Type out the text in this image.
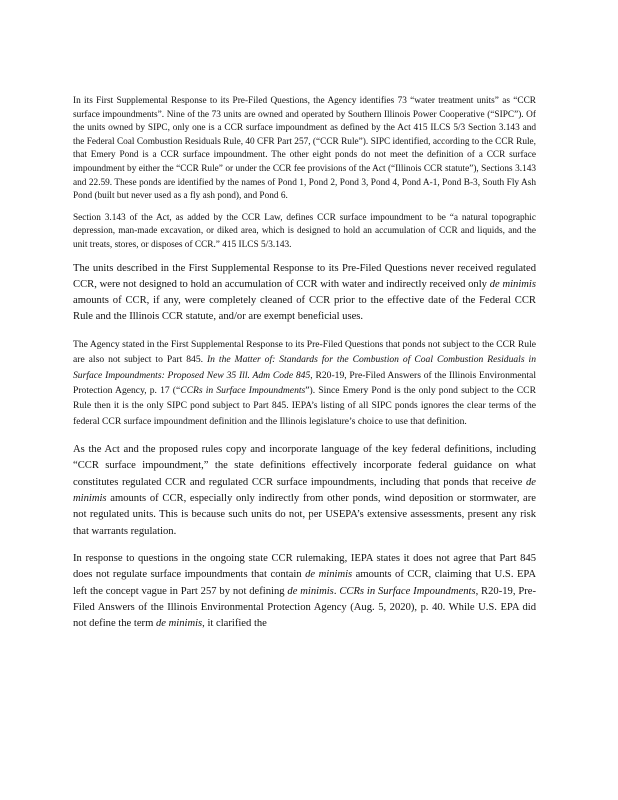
In its First Supplemental Response to its Pre-Filed Questions, the Agency identifies 73 “water treatment units” as “CCR surface impoundments”. Nine of the 73 units are owned and operated by Southern Illinois Power Cooperative (“SIPC”). Of the units owned by SIPC, only one is a CCR surface impoundment as defined by the Act 415 ILCS 5/3 Section 3.143 and the Federal Coal Combustion Residuals Rule, 40 CFR Part 257, (“CCR Rule”). SIPC identified, according to the CCR Rule, that Emery Pond is a CCR surface impoundment. The other eight ponds do not meet the definition of a CCR surface impoundment by either the “CCR Rule” or under the CCR fee provisions of the Act (“Illinois CCR statute”), Sections 3.143 and 22.59. These ponds are identified by the names of Pond 1, Pond 2, Pond 3, Pond 4, Pond A-1, Pond B-3, South Fly Ash Pond (built but never used as a fly ash pond), and Pond 6.

Section 3.143 of the Act, as added by the CCR Law, defines CCR surface impoundment to be “a natural topographic depression, man-made excavation, or diked area, which is designed to hold an accumulation of CCR and liquids, and the unit treats, stores, or disposes of CCR.” 415 ILCS 5/3.143.

The units described in the First Supplemental Response to its Pre-Filed Questions never received regulated CCR, were not designed to hold an accumulation of CCR with water and indirectly received only de minimis amounts of CCR, if any, were completely cleaned of CCR prior to the effective date of the Federal CCR Rule and the Illinois CCR statute, and/or are exempt beneficial uses.

The Agency stated in the First Supplemental Response to its Pre-Filed Questions that ponds not subject to the CCR Rule are also not subject to Part 845. In the Matter of: Standards for the Combustion of Coal Combustion Residuals in Surface Impoundments: Proposed New 35 Ill. Adm Code 845, R20-19, Pre-Filed Answers of the Illinois Environmental Protection Agency, p. 17 (“CCRs in Surface Impoundments”). Since Emery Pond is the only pond subject to the CCR Rule then it is the only SIPC pond subject to Part 845. IEPA’s listing of all SIPC ponds ignores the clear terms of the federal CCR surface impoundment definition and the Illinois legislature’s choice to use that definition.

As the Act and the proposed rules copy and incorporate language of the key federal definitions, including “CCR surface impoundment,” the state definitions effectively incorporate federal guidance on what constitutes regulated CCR and regulated CCR surface impoundments, including that ponds that receive de minimis amounts of CCR, especially only indirectly from other ponds, wind deposition or stormwater, are not regulated units. This is because such units do not, per USEPA’s extensive assessments, present any risk that warrants regulation.

In response to questions in the ongoing state CCR rulemaking, IEPA states it does not agree that Part 845 does not regulate surface impoundments that contain de minimis amounts of CCR, claiming that U.S. EPA left the concept vague in Part 257 by not defining de minimis. CCRs in Surface Impoundments, R20-19, Pre-Filed Answers of the Illinois Environmental Protection Agency (Aug. 5, 2020), p. 40. While U.S. EPA did not define the term de minimis, it clarified the
